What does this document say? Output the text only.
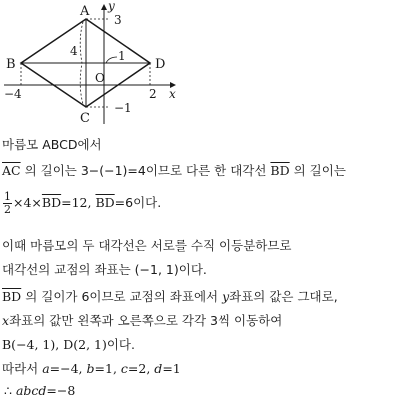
A
B
C
D
O
x
y
−4	2
3
−1
1
4
마름모 ABCD에서
$\overline{AC}$ 의 길이는 3−(−1)=4이므로 다른 한 대각선 $\overline{BD}$ 의 길이는
$\frac{1}{2} \times 4\times\overline{BD}=12$, $\overline{BD}=6$이다.
이때 마름모의 두 대각선은 서로를 수직 이등분하므로
대각선의 교점의 좌표는 (−1, 1)이다.
$\overline{BD}$ 의 길이가 6이므로 교점의 좌표에서 y좌표의 값은 그대로,
x좌표의 값만 왼쪽과 오른쪽으로 각각 3씩 이동하여
B(−4, 1), D(2, 1)이다.
따라서 a=−4, b=1, c=2, d=1
∴ abcd=−8
